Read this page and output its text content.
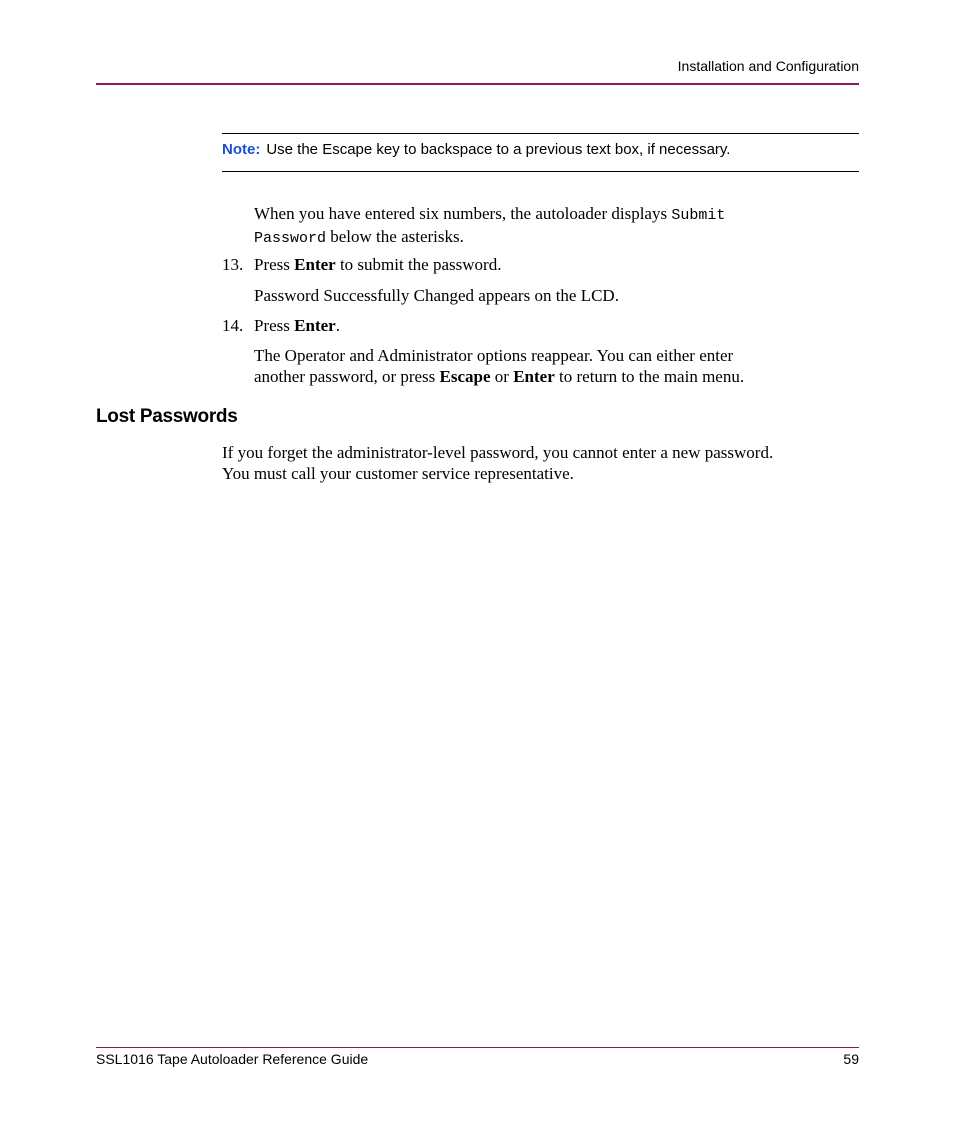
Installation and Configuration
Note: Use the Escape key to backspace to a previous text box, if necessary.

When you have entered six numbers, the autoloader displays Submit
Password below the asterisks.

13. Press Enter to submit the password.

Password Successfully Changed appears on the LCD.

14. Press Enter.

The Operator and Administrator options reappear. You can either enter
another password, or press Escape or Enter to return to the main menu.

Lost Passwords

If you forget the administrator-level password, you cannot enter a new password.
You must call your customer service representative.

SSL1016 Tape Autoloader Reference Guide	59
